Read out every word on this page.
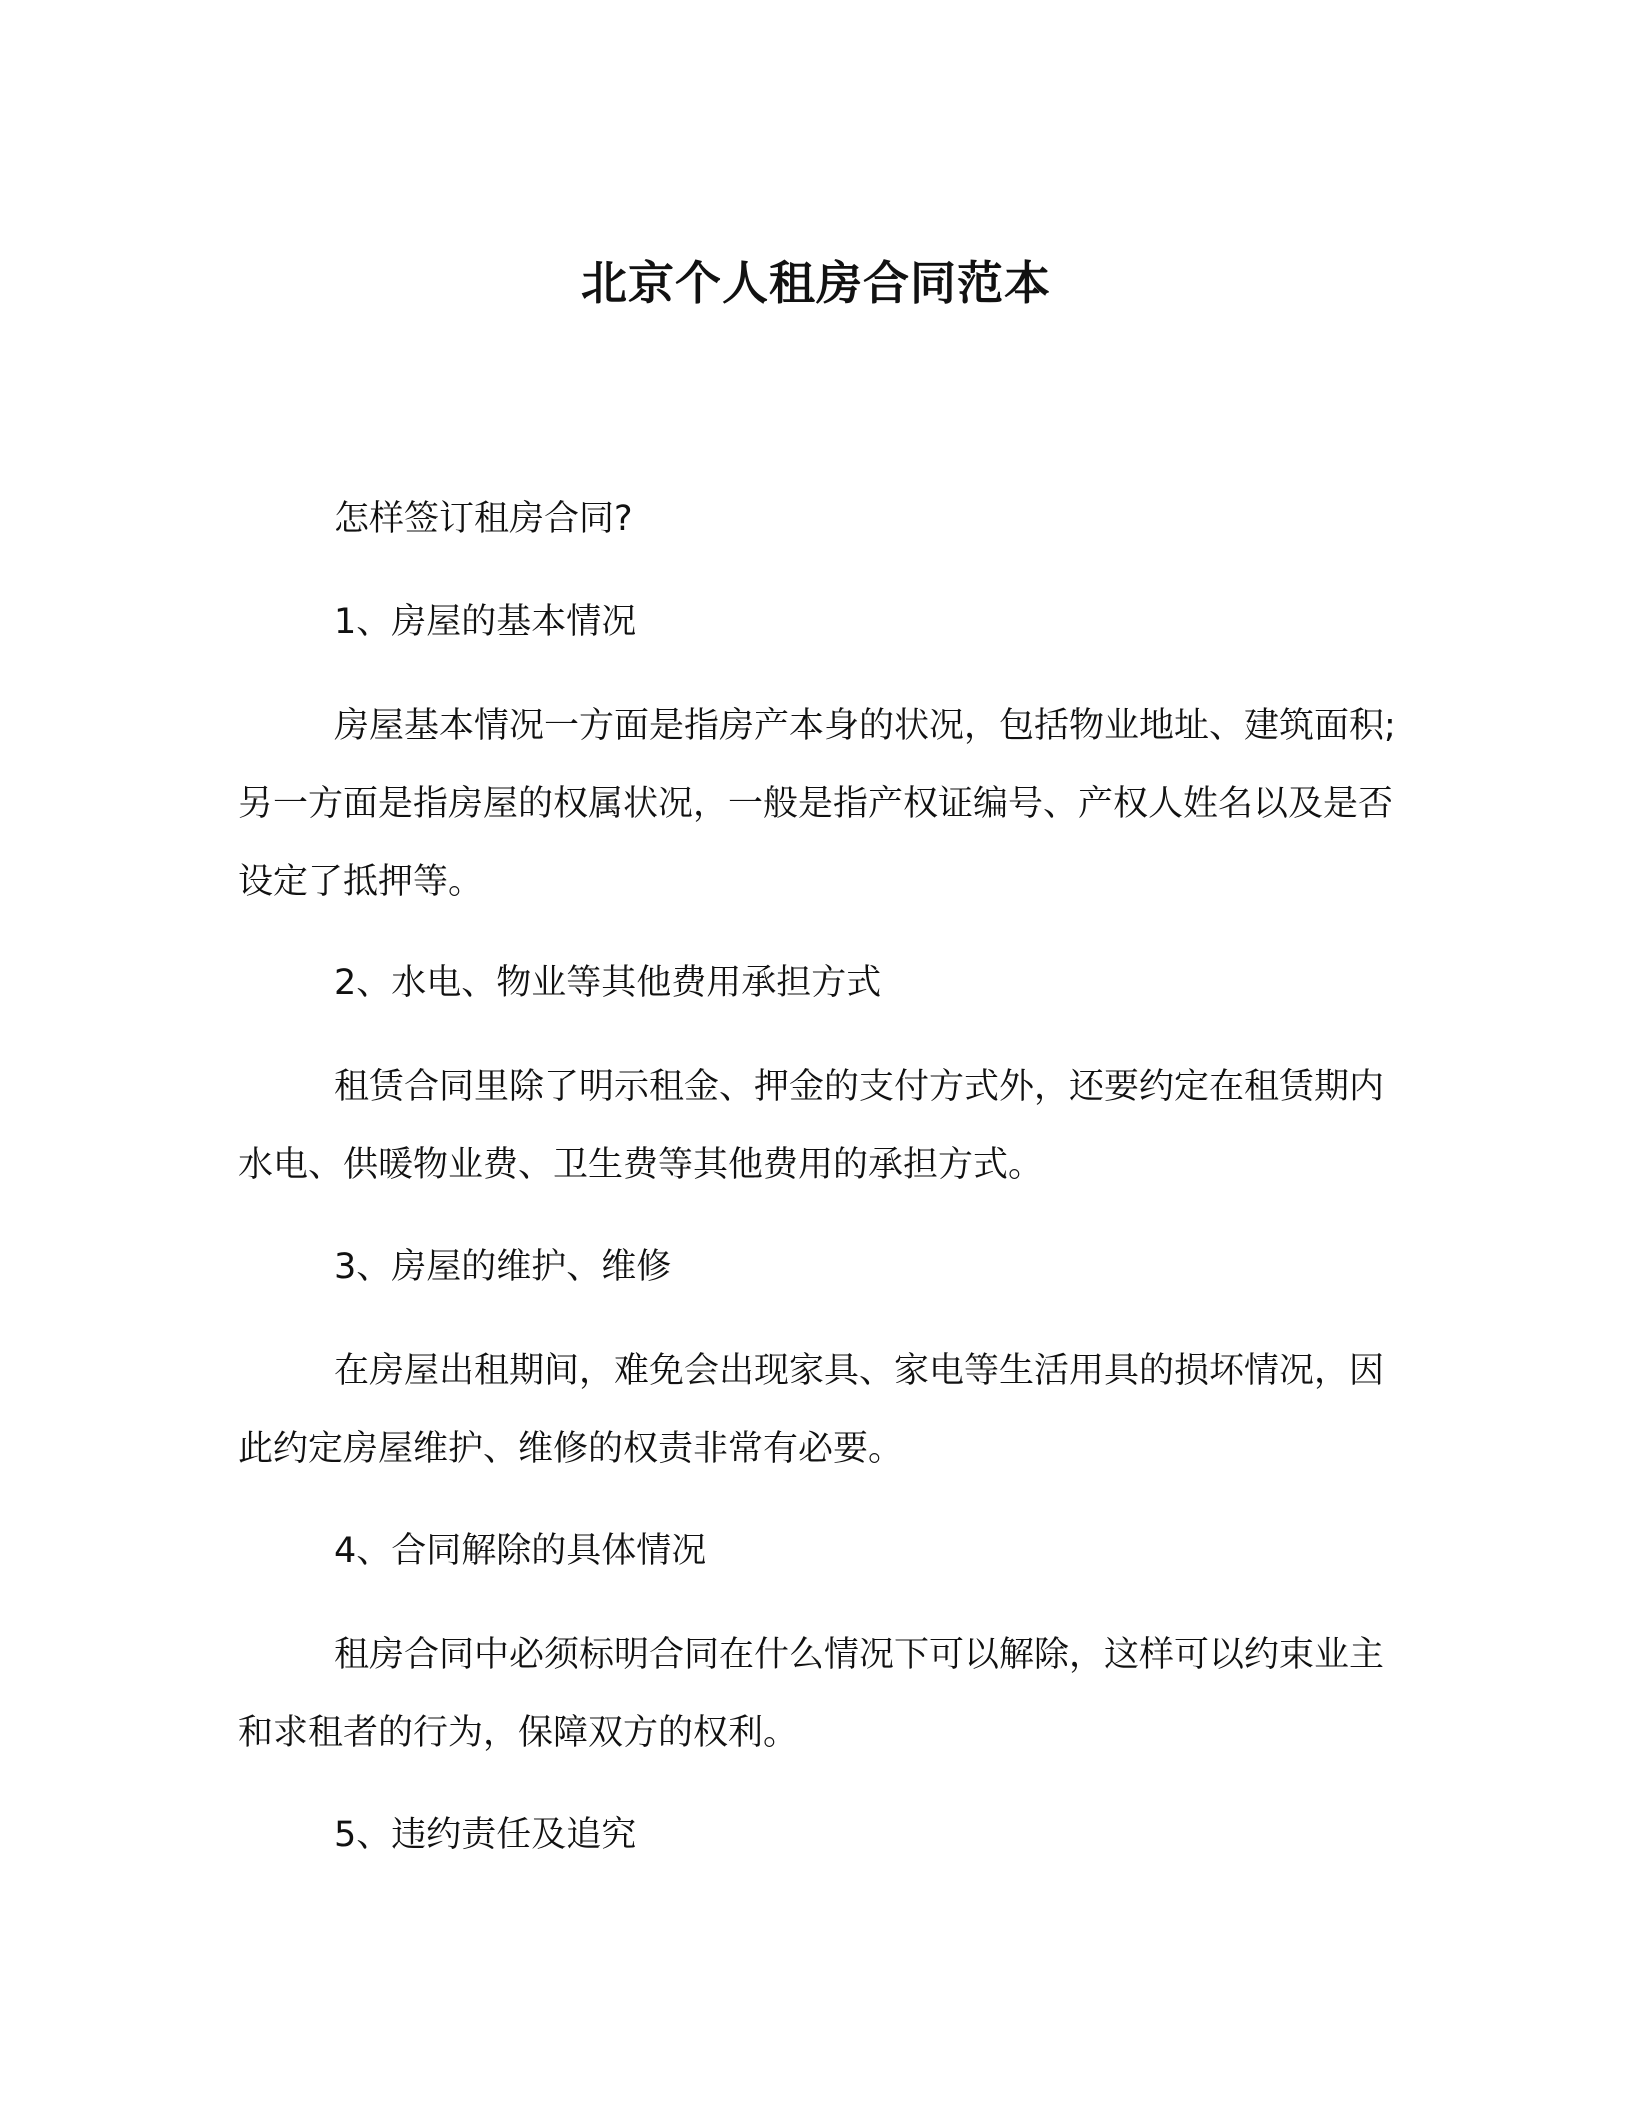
北京个人租房合同范本

怎样签订租房合同?

1、房屋的基本情况

房屋基本情况一方面是指房产本身的状况，包括物业地址、建筑面积;另一方面是指房屋的权属状况，一般是指产权证编号、产权人姓名以及是否设定了抵押等。

2、水电、物业等其他费用承担方式

租赁合同里除了明示租金、押金的支付方式外，还要约定在租赁期内水电、供暖物业费、卫生费等其他费用的承担方式。

3、房屋的维护、维修

在房屋出租期间，难免会出现家具、家电等生活用具的损坏情况，因此约定房屋维护、维修的权责非常有必要。

4、合同解除的具体情况

租房合同中必须标明合同在什么情况下可以解除，这样可以约束业主和求租者的行为，保障双方的权利。

5、违约责任及追究
